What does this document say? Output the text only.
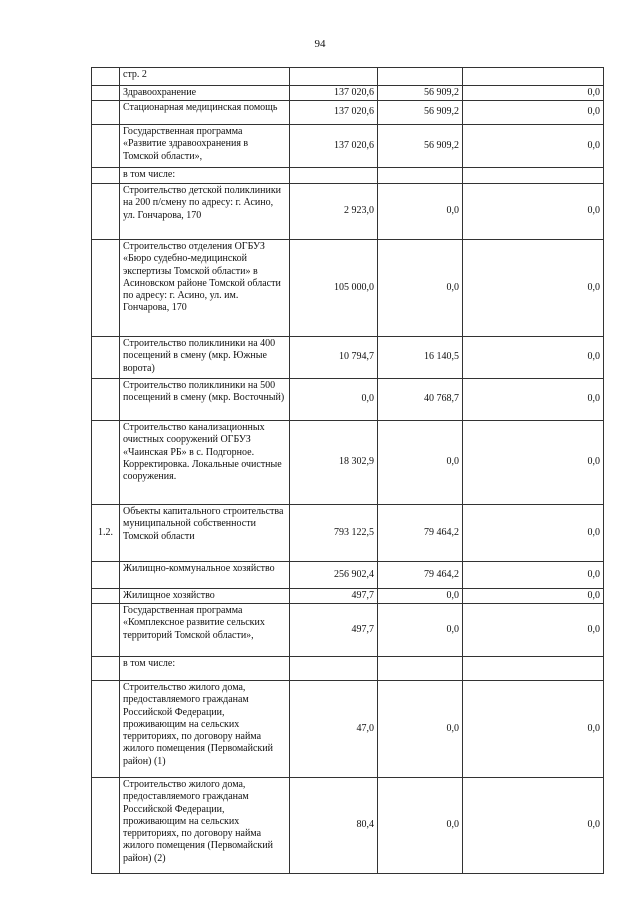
94
	стр. 2			
	Здравоохранение	137 020,6	56 909,2	0,0
	Стационарная медицинская помощь	137 020,6	56 909,2	0,0
	Государственная программа «Развитие здравоохранения в Томской области»,	137 020,6	56 909,2	0,0
	в том числе:			
	Строительство детской поликлиники на 200 п/смену по адресу: г. Асино, ул. Гончарова, 170	2 923,0	0,0	0,0
	Строительство отделения ОГБУЗ «Бюро судебно-медицинской экспертизы Томской области» в Асиновском районе Томской области по адресу: г. Асино, ул. им. Гончарова, 170	105 000,0	0,0	0,0
	Строительство поликлиники на 400 посещений в смену (мкр. Южные ворота)	10 794,7	16 140,5	0,0
	Строительство поликлиники на 500 посещений в смену (мкр. Восточный)	0,0	40 768,7	0,0
	Строительство канализационных очистных сооружений ОГБУЗ «Чаинская РБ» в с. Подгорное. Корректировка. Локальные очистные сооружения.	18 302,9	0,0	0,0
1.2.	Объекты капитального строительства муниципальной собственности Томской области	793 122,5	79 464,2	0,0
	Жилищно-коммунальное хозяйство	256 902,4	79 464,2	0,0
	Жилищное хозяйство	497,7	0,0	0,0
	Государственная программа «Комплексное развитие сельских территорий Томской области»,	497,7	0,0	0,0
	в том числе:			
	Строительство жилого дома, предоставляемого гражданам Российской Федерации, проживающим на сельских территориях, по договору найма жилого помещения (Первомайский район) (1)	47,0	0,0	0,0
	Строительство жилого дома, предоставляемого гражданам Российской Федерации, проживающим на сельских территориях, по договору найма жилого помещения (Первомайский район) (2)	80,4	0,0	0,0
